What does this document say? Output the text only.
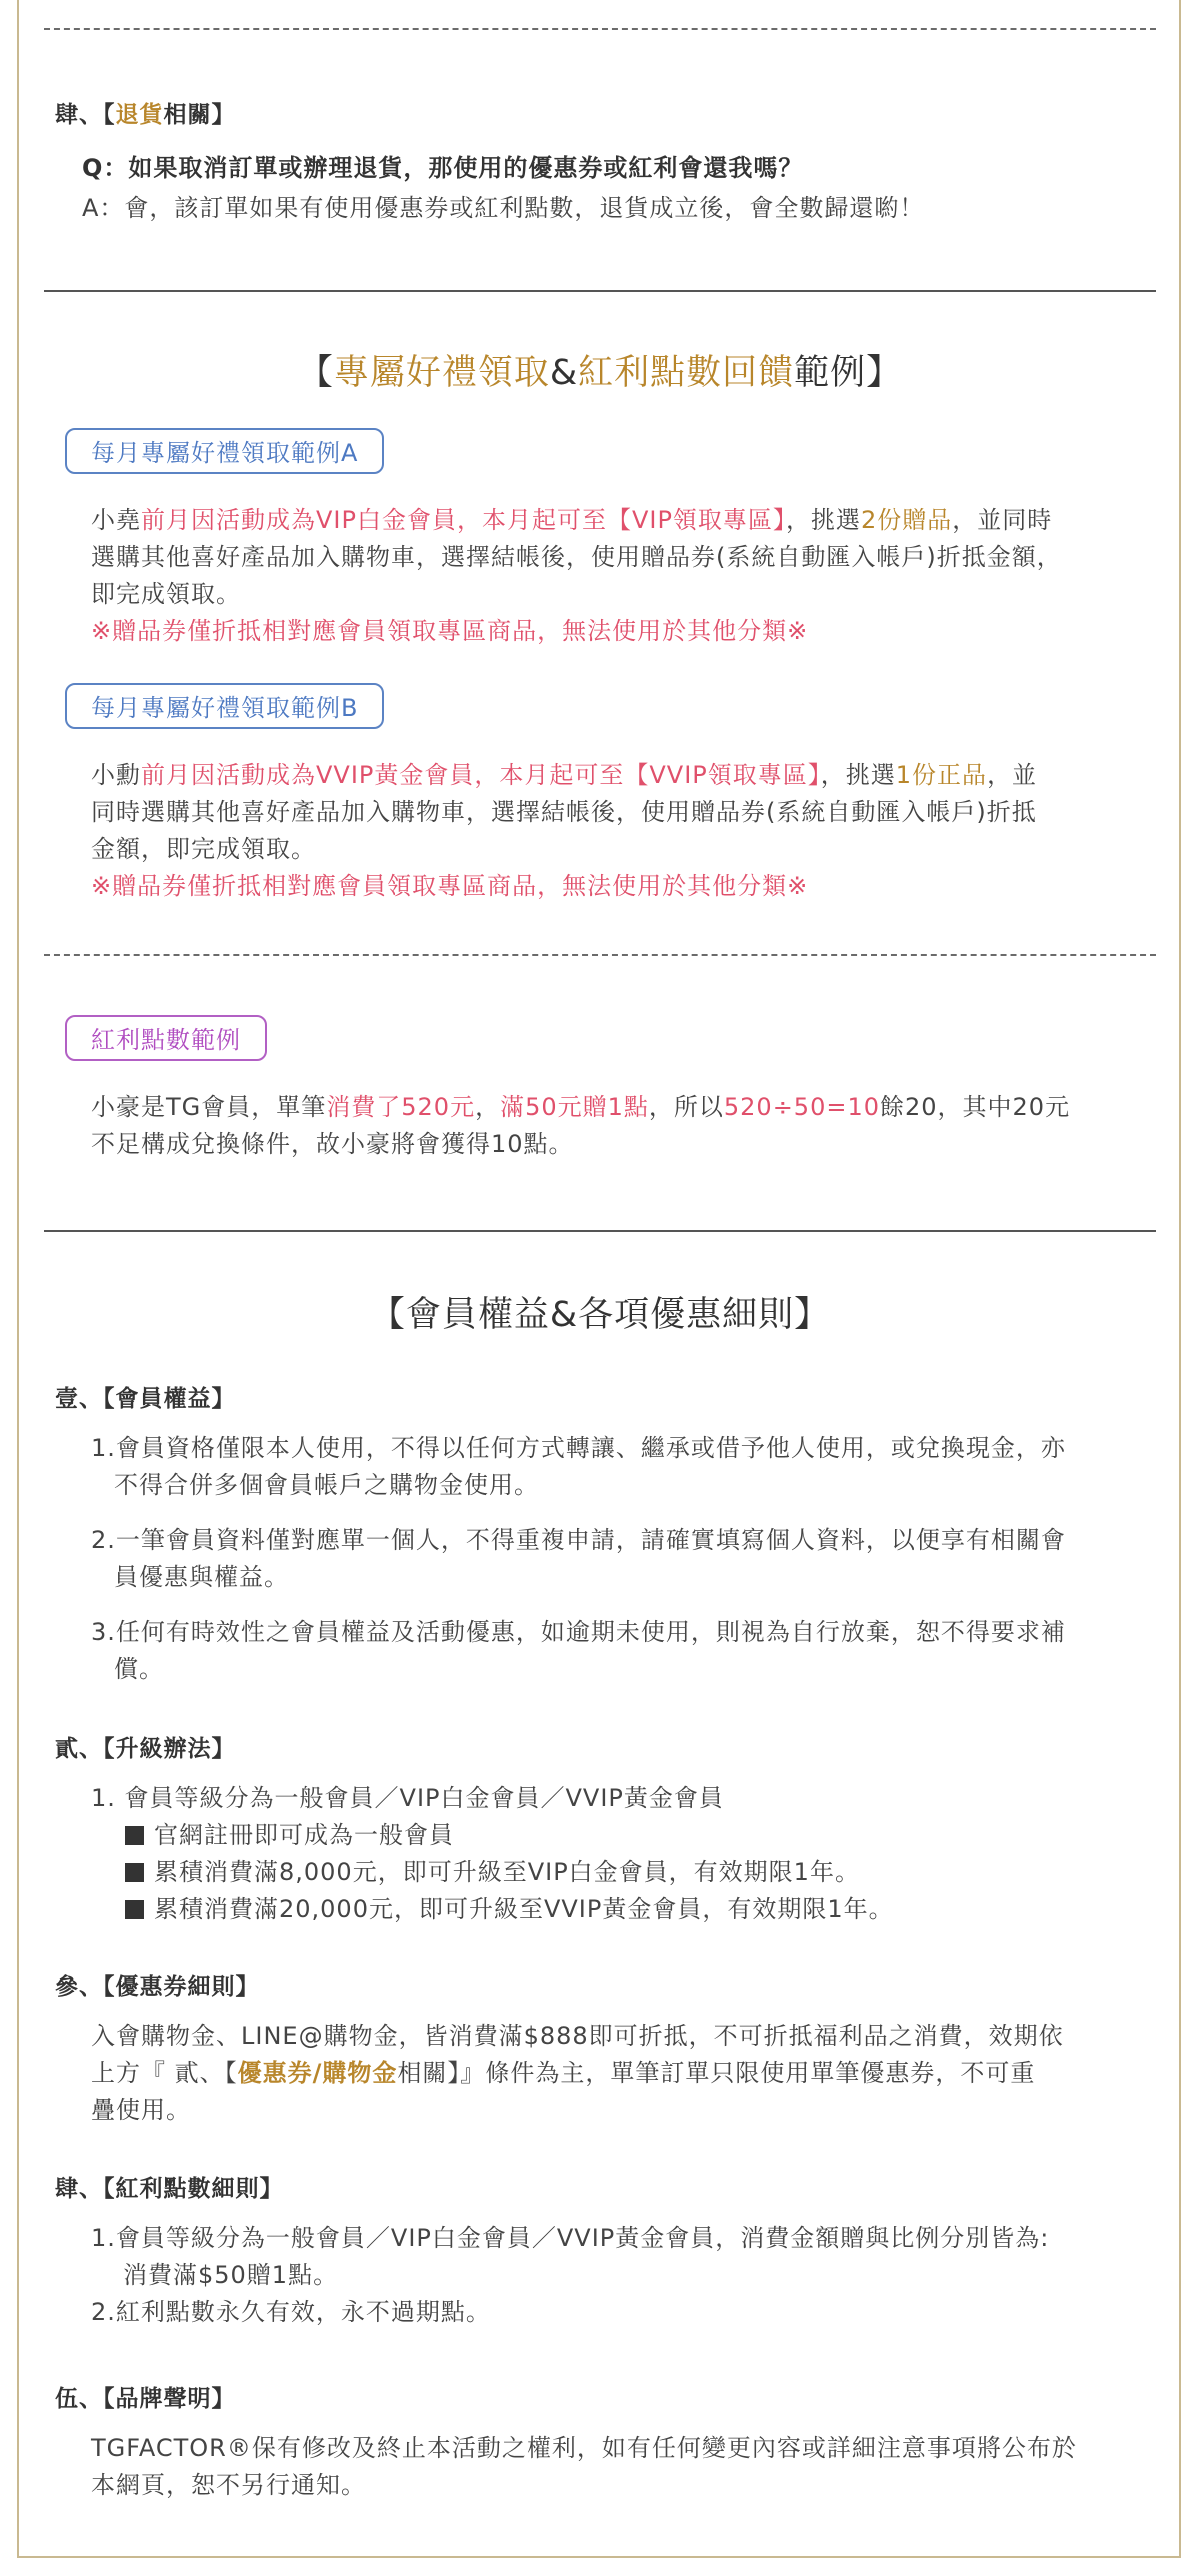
肆、【退貨相關】
Q：如果取消訂單或辦理退貨，那使用的優惠券或紅利會還我嗎？
A：會，該訂單如果有使用優惠券或紅利點數，退貨成立後，會全數歸還喲！
【專屬好禮領取&紅利點數回饋範例】
每月專屬好禮領取範例A
小堯前月因活動成為VIP白金會員，本月起可至【VIP領取專區】，挑選2份贈品，並同時
選購其他喜好產品加入購物車，選擇結帳後，使用贈品券(系統自動匯入帳戶)折抵金額，
即完成領取。
※贈品券僅折抵相對應會員領取專區商品，無法使用於其他分類※
每月專屬好禮領取範例B
小勳前月因活動成為VVIP黃金會員，本月起可至【VVIP領取專區】，挑選1份正品，並
同時選購其他喜好產品加入購物車，選擇結帳後，使用贈品券(系統自動匯入帳戶)折抵
金額，即完成領取。
※贈品券僅折抵相對應會員領取專區商品，無法使用於其他分類※
紅利點數範例
小豪是TG會員，單筆消費了520元，滿50元贈1點，所以520÷50=10餘20，其中20元
不足構成兌換條件，故小豪將會獲得10點。
【會員權益&各項優惠細則】
壹、【會員權益】
1.會員資格僅限本人使用，不得以任何方式轉讓、繼承或借予他人使用，或兌換現金，亦
不得合併多個會員帳戶之購物金使用。
2.一筆會員資料僅對應單一個人，不得重複申請，請確實填寫個人資料，以便享有相關會
員優惠與權益。
3.任何有時效性之會員權益及活動優惠，如逾期未使用，則視為自行放棄，恕不得要求補
償。
貳、【升級辦法】
1. 會員等級分為一般會員／VIP白金會員／VVIP黃金會員
官網註冊即可成為一般會員
累積消費滿8,000元，即可升級至VIP白金會員，有效期限1年。
累積消費滿20,000元，即可升級至VVIP黃金會員，有效期限1年。
參、【優惠券細則】
入會購物金、LINE@購物金，皆消費滿$888即可折抵，不可折抵福利品之消費，效期依
上方『 貳、【優惠券/購物金相關】』條件為主，單筆訂單只限使用單筆優惠券，不可重
疊使用。
肆、【紅利點數細則】
1.會員等級分為一般會員／VIP白金會員／VVIP黃金會員，消費金額贈與比例分別皆為:
消費滿$50贈1點。
2.紅利點數永久有效，永不過期點。
伍、【品牌聲明】
TGFACTOR®保有修改及終止本活動之權利，如有任何變更內容或詳細注意事項將公布於
本網頁，恕不另行通知。
